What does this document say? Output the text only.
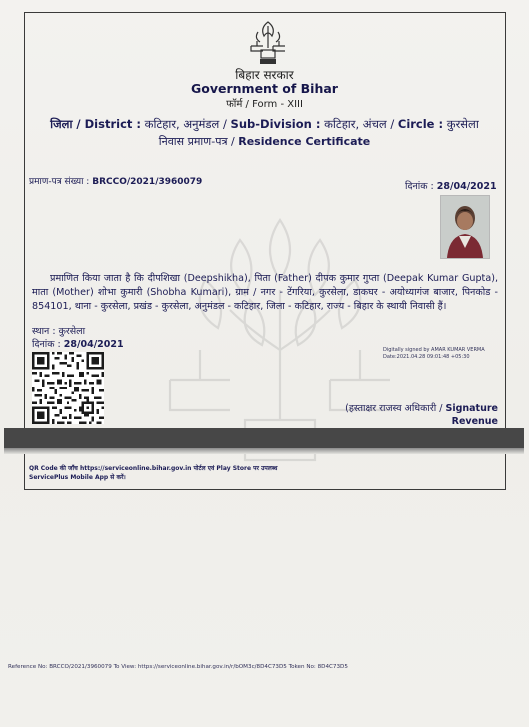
बिहार सरकार
Government of Bihar
फॉर्म / Form - XIII
जिला / District : कटिहार, अनुमंडल / Sub-Division : कटिहार, अंचल / Circle : कुरसेला
निवास प्रमाण-पत्र / Residence Certificate
प्रमाण-पत्र संख्या : BRCCO/2021/3960079	दिनांक : 28/04/2021
प्रमाणित किया जाता है कि दीपशिखा (Deepshikha), पिता (Father) दीपक कुमार गुप्ता (Deepak Kumar Gupta), माता (Mother) शोभा कुमारी (Shobha Kumari), ग्राम / नगर - टेंगरिया, कुरसेला, डाकघर - अयोध्यागंज बाजार, पिनकोड - 854101, थाना - कुरसेला, प्रखंड - कुरसेला, अनुमंडल - कटिहार, जिला - कटिहार, राज्य - बिहार के स्थायी निवासी हैं।
स्थान : कुरसेला
दिनांक : 28/04/2021	Digitally signed by AMAR KUMAR VERMA
Date:2021.04.28 09:01:48 +05:30
(हस्ताक्षर राजस्व अधिकारी / Signature Revenue

QR Code की जाँच https://serviceonline.bihar.gov.in पोर्टल एवं Play Store पर उपलब्ध
ServicePlus Mobile App से करें।
Reference No: BRCCO/2021/3960079 To View: https://serviceonline.bihar.gov.in/r/bOM3c/8D4C73D5 Token No: 8D4C73D5
